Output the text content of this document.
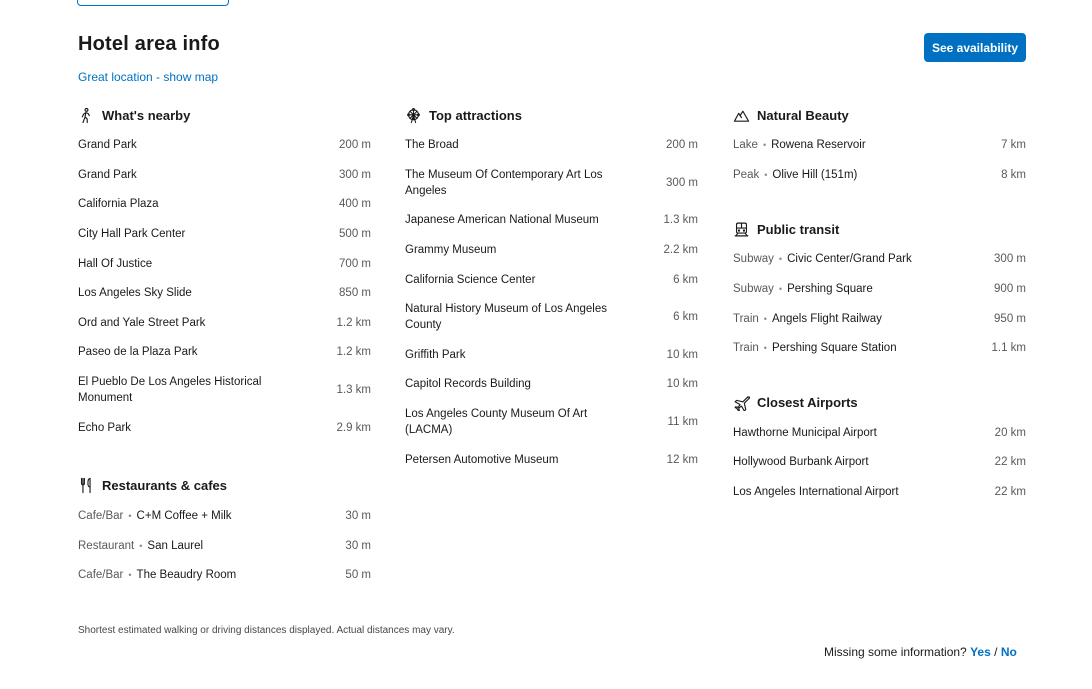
Hotel area info
Great location - show map
See availability
What's nearby
Grand Park	200 m
Grand Park	300 m
California Plaza	400 m
City Hall Park Center	500 m
Hall Of Justice	700 m
Los Angeles Sky Slide	850 m
Ord and Yale Street Park	1.2 km
Paseo de la Plaza Park	1.2 km
El Pueblo De Los Angeles Historical Monument
1.3 km
Echo Park	2.9 km
Restaurants & cafes
Cafe/Bar • C+M Coffee + Milk	30 m
Restaurant • San Laurel	30 m
Cafe/Bar • The Beaudry Room	50 m
Top attractions
The Broad	200 m
The Museum Of Contemporary Art Los Angeles
300 m
Japanese American National Museum	1.3 km
Grammy Museum	2.2 km
California Science Center	6 km
Natural History Museum of Los Angeles County
6 km
Griffith Park	10 km
Capitol Records Building	10 km
Los Angeles County Museum Of Art (LACMA)
11 km
Petersen Automotive Museum	12 km
Natural Beauty
Lake • Rowena Reservoir	7 km
Peak • Olive Hill (151m)	8 km
Public transit
Subway • Civic Center/Grand Park	300 m
Subway • Pershing Square	900 m
Train • Angels Flight Railway	950 m
Train • Pershing Square Station	1.1 km
Closest Airports
Hawthorne Municipal Airport	20 km
Hollywood Burbank Airport	22 km
Los Angeles International Airport	22 km
Shortest estimated walking or driving distances displayed. Actual distances may vary.
Missing some information? Yes / No
